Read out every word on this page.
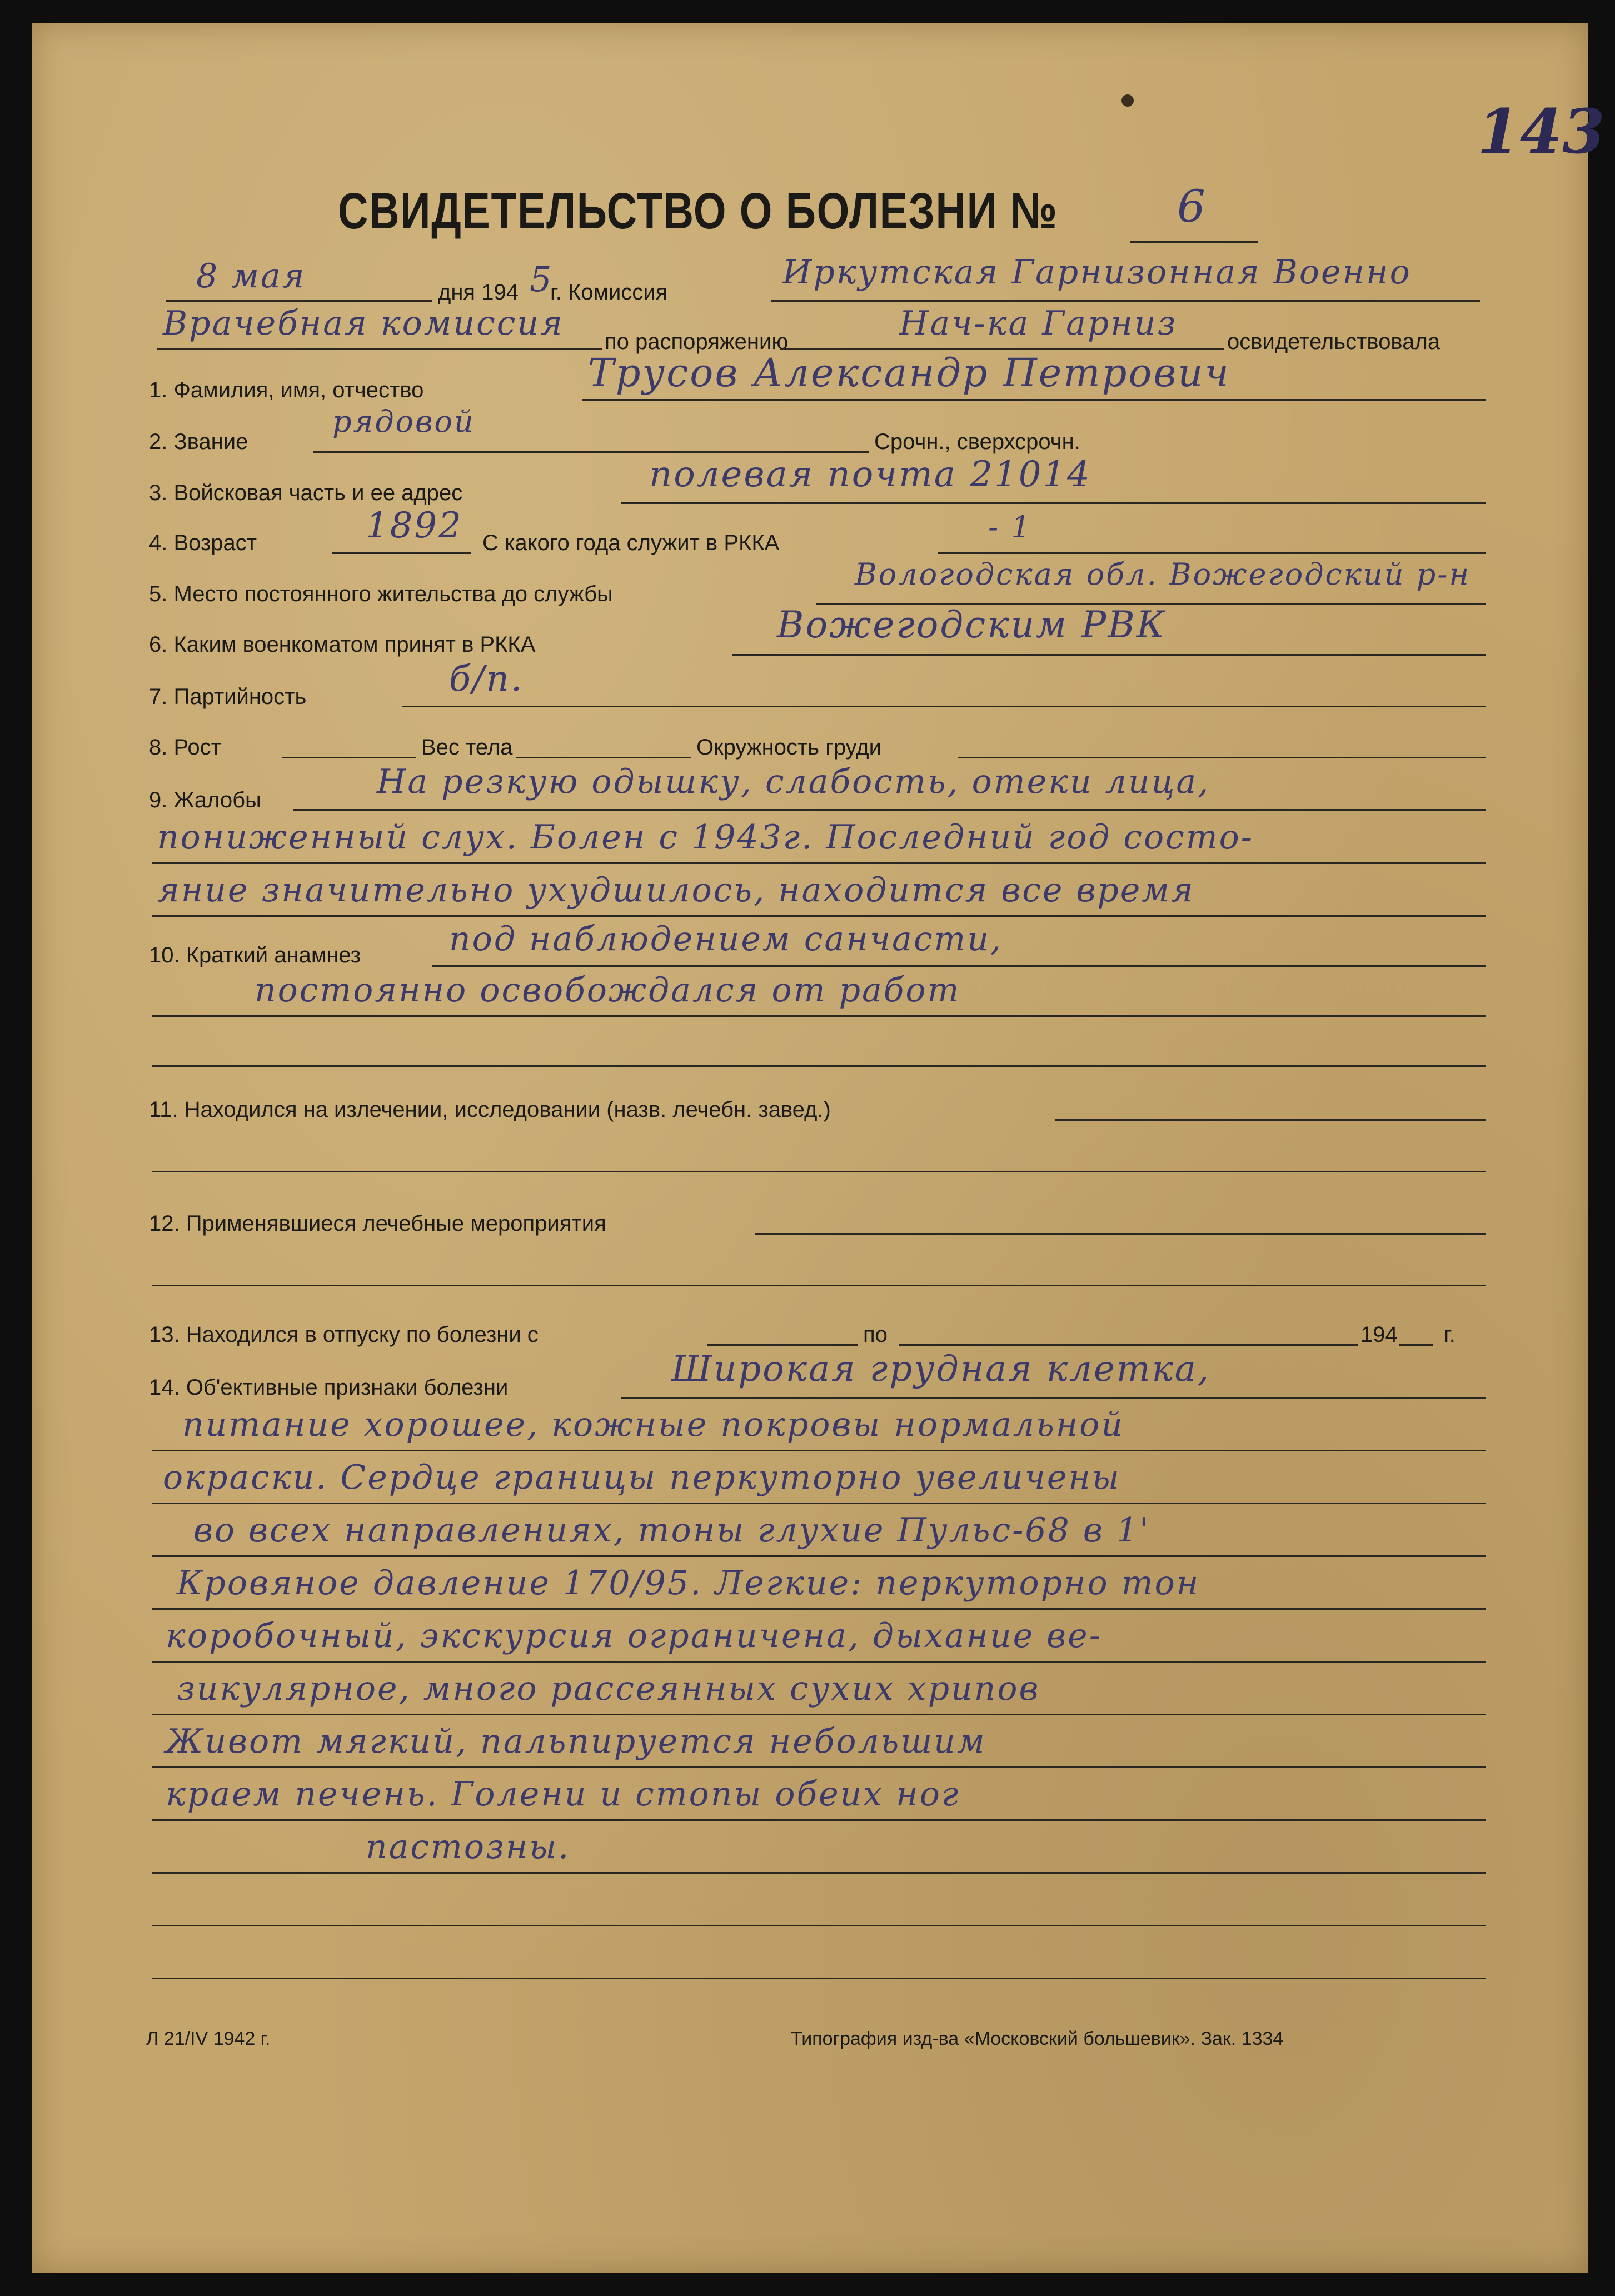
143
СВИДЕТЕЛЬСТВО О БОЛЕЗНИ №	6
8 мая	дня 194 5
г. Комиссия
Иркутская Гарнизонная Военно
Врачебная комиссия по распоряжению	Нач-ка Гарниз освидетельствовала
1. Фамилия, имя, отчество	Трусов Александр Петрович
2. Звание
рядовой
Срочн., сверхсрочн.
3. Войсковая часть и ее адрес	полевая почта 21014
4. Возраст	1892 С какого года служит в РККА	- 1
5. Место постоянного жительства до службы
Вологодская обл. Вожегодский р-н
6. Каким военкоматом принят в РККА	Вожегодским РВК
7. Партийность	б/п.
8. Рост	Вес тела	Окружность груди
9. Жалобы	На резкую одышку, слабость, отеки лица,
пониженный слух. Болен с 1943г. Последний год состо-
яние значительно ухудшилось, находится все время
10. Краткий анамнез	под наблюдением санчасти,
постоянно освобождался от работ
11. Находился на излечении, исследовании (назв. лечебн. завед.)
12. Применявшиеся лечебные мероприятия
13. Находился в отпуску по болезни с	по	194 г.
14. Об'ективные признаки болезни	Широкая грудная клетка,
питание хорошее, кожные покровы нормальной
окраски. Сердце границы перкуторно увеличены
во всех направлениях, тоны глухие Пульс-68 в 1'
Кровяное давление 170/95. Легкие: перкуторно тон
коробочный, экскурсия ограничена, дыхание ве-
зикулярное, много рассеянных сухих хрипов
Живот мягкий, пальпируется небольшим
краем печень. Голени и стопы обеих ног
пастозны.
Л 21/IV 1942 г.	Типография изд-ва «Московский большевик». Зак. 1334
